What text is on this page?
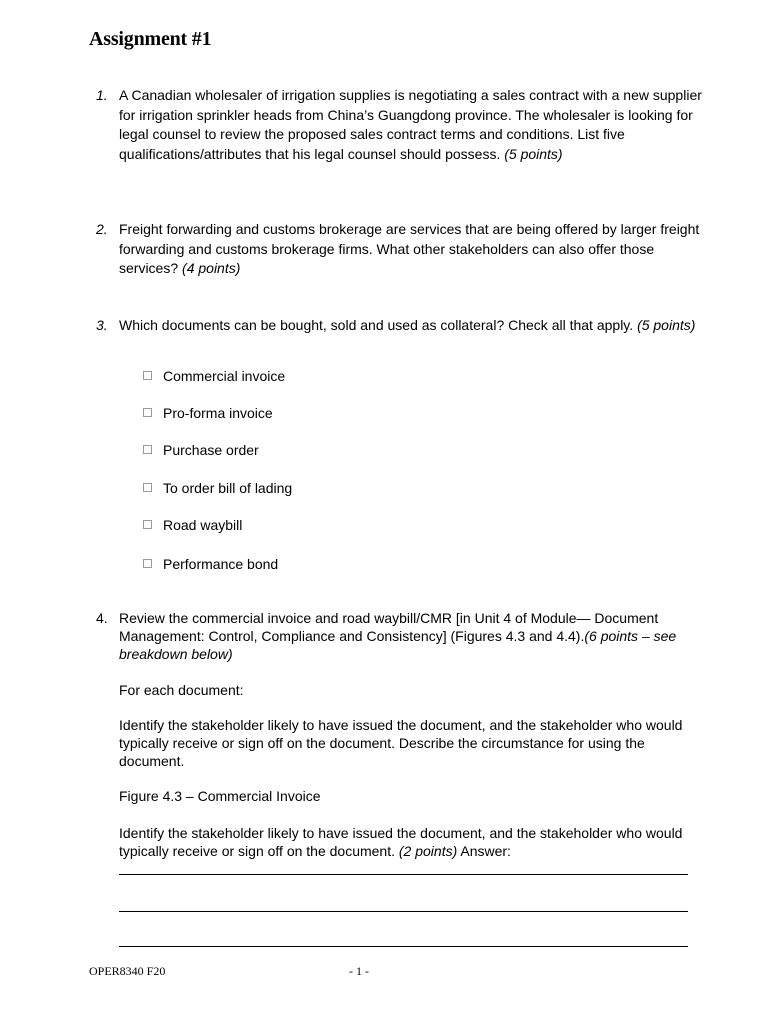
Assignment #1
1. A Canadian wholesaler of irrigation supplies is negotiating a sales contract with a new supplier for irrigation sprinkler heads from China’s Guangdong province. The wholesaler is looking for legal counsel to review the proposed sales contract terms and conditions. List five qualifications/attributes that his legal counsel should possess. (5 points)
2. Freight forwarding and customs brokerage are services that are being offered by larger freight forwarding and customs brokerage firms. What other stakeholders can also offer those services? (4 points)
3. Which documents can be bought, sold and used as collateral? Check all that apply. (5 points)
Commercial invoice
Pro-forma invoice
Purchase order
To order bill of lading
Road waybill
Performance bond
4. Review the commercial invoice and road waybill/CMR [in Unit 4 of Module— Document Management: Control, Compliance and Consistency] (Figures 4.3 and 4.4).(6 points – see breakdown below)
For each document:
Identify the stakeholder likely to have issued the document, and the stakeholder who would typically receive or sign off on the document. Describe the circumstance for using the document.
Figure 4.3 – Commercial Invoice
Identify the stakeholder likely to have issued the document, and the stakeholder who would typically receive or sign off on the document. (2 points) Answer:
OPER8340 F20	- 1 -
